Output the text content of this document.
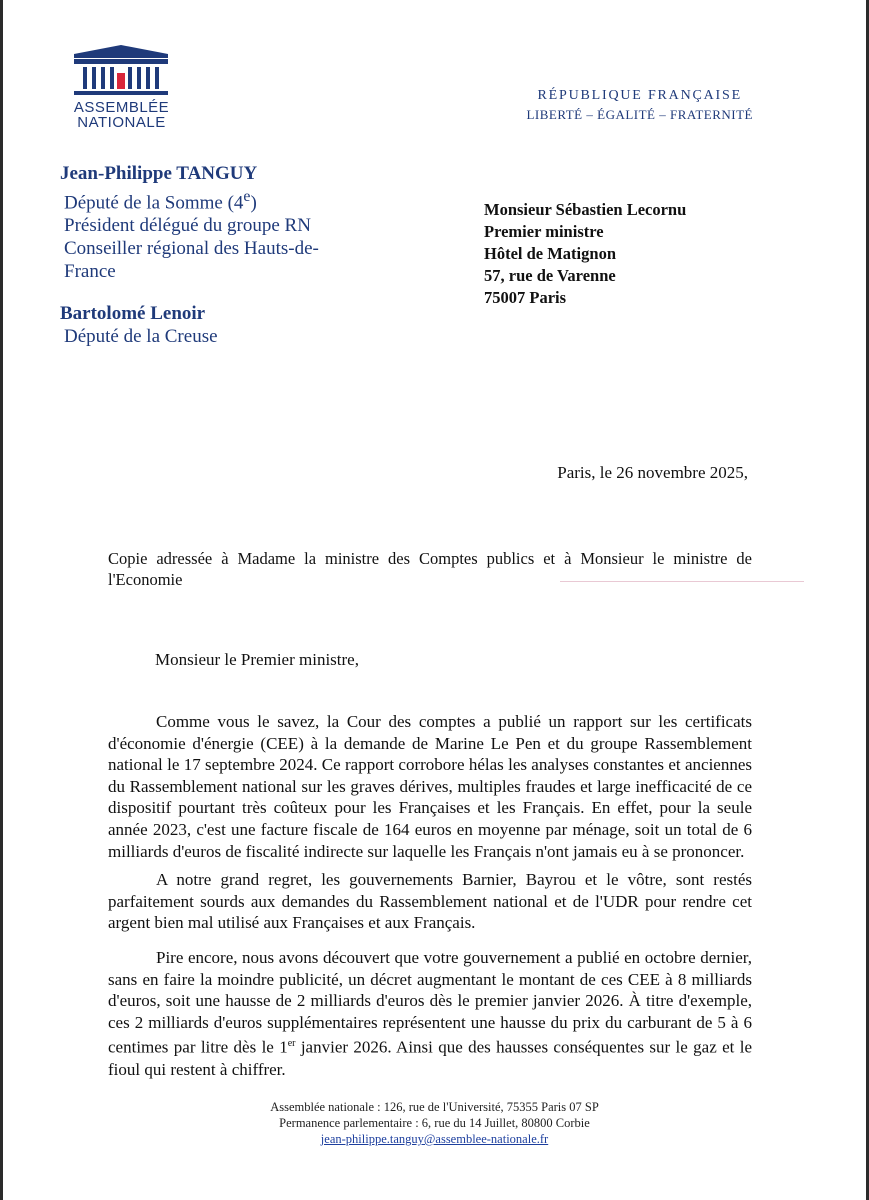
ASSEMBLÉE
NATIONALE
RÉPUBLIQUE FRANÇAISE
LIBERTÉ – ÉGALITÉ – FRATERNITÉ
Jean-Philippe TANGUY
Député de la Somme (4e)
Président délégué du groupe RN
Conseiller régional des Hauts-de-France
Bartolomé Lenoir
Député de la Creuse
Monsieur Sébastien Lecornu
Premier ministre
Hôtel de Matignon
57, rue de Varenne
75007 Paris
Paris, le 26 novembre 2025,
Copie adressée à Madame la ministre des Comptes publics et à Monsieur le ministre de l'Economie
Monsieur le Premier ministre,

Comme vous le savez, la Cour des comptes a publié un rapport sur les certificats d'économie d'énergie (CEE) à la demande de Marine Le Pen et du groupe Rassemblement national le 17 septembre 2024. Ce rapport corrobore hélas les analyses constantes et anciennes du Rassemblement national sur les graves dérives, multiples fraudes et large inefficacité de ce dispositif pourtant très coûteux pour les Françaises et les Français. En effet, pour la seule année 2023, c'est une facture fiscale de 164 euros en moyenne par ménage, soit un total de 6 milliards d'euros de fiscalité indirecte sur laquelle les Français n'ont jamais eu à se prononcer.

A notre grand regret, les gouvernements Barnier, Bayrou et le vôtre, sont restés parfaitement sourds aux demandes du Rassemblement national et de l'UDR pour rendre cet argent bien mal utilisé aux Françaises et aux Français.

Pire encore, nous avons découvert que votre gouvernement a publié en octobre dernier, sans en faire la moindre publicité, un décret augmentant le montant de ces CEE à 8 milliards d'euros, soit une hausse de 2 milliards d'euros dès le premier janvier 2026. À titre d'exemple, ces 2 milliards d'euros supplémentaires représentent une hausse du prix du carburant de 5 à 6 centimes par litre dès le 1er janvier 2026. Ainsi que des hausses conséquentes sur le gaz et le fioul qui restent à chiffrer.

Assemblée nationale : 126, rue de l'Université, 75355 Paris 07 SP
Permanence parlementaire : 6, rue du 14 Juillet, 80800 Corbie
jean-philippe.tanguy@assemblee-nationale.fr
